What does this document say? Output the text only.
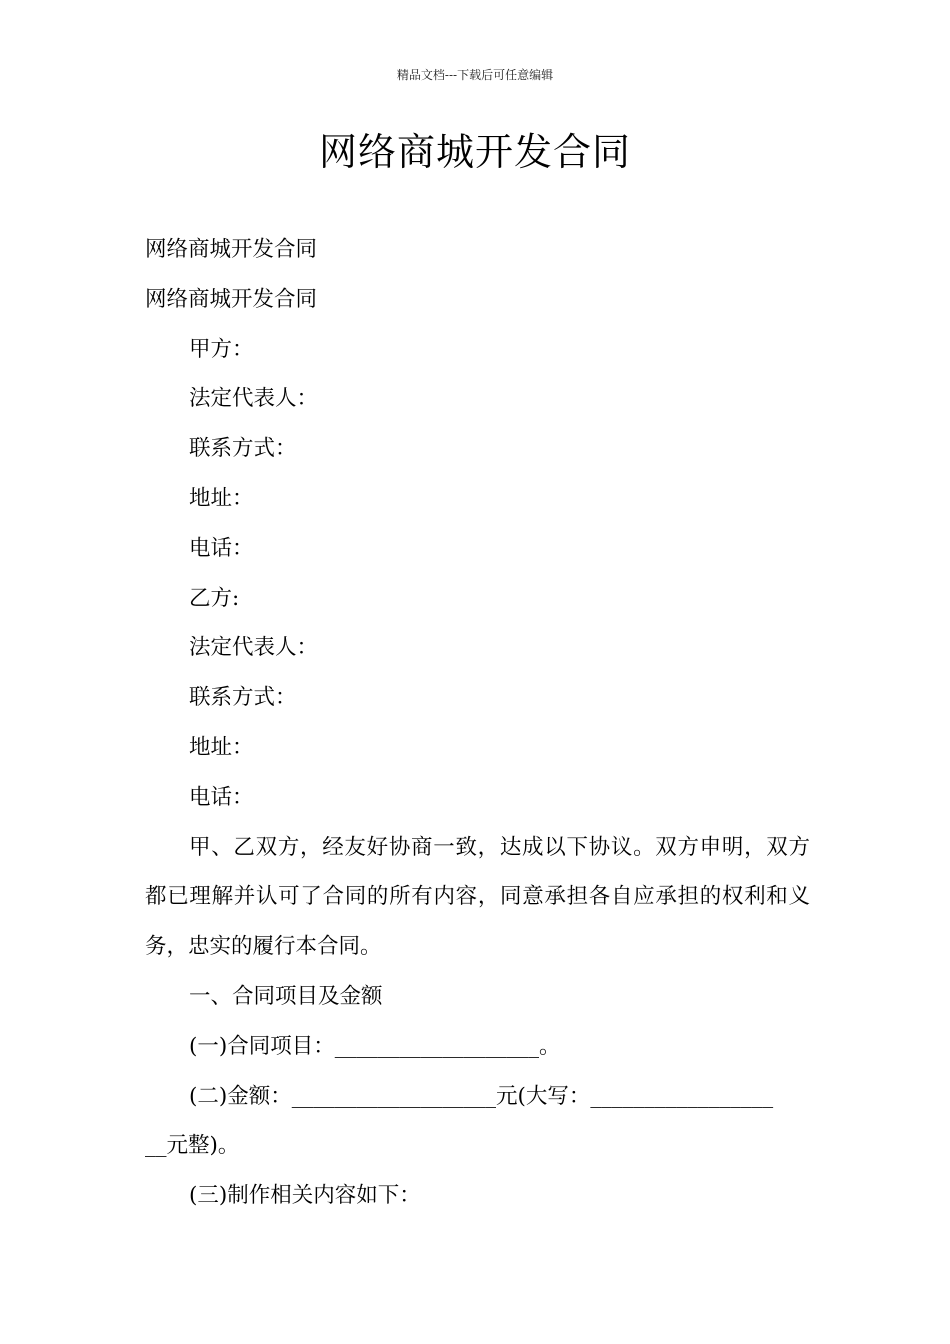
精品文档---下载后可任意编辑
网络商城开发合同
网络商城开发合同
网络商城开发合同
甲方：
法定代表人：
联系方式：
地址：
电话：
乙方:
法定代表人：
联系方式：
地址：
电话：
甲、乙双方，经友好协商一致，达成以下协议。双方申明，双方都已理解并认可了合同的所有内容，同意承担各自应承担的权利和义务，忠实的履行本合同。
一、合同项目及金额
(一)合同项目：___________________。
(二)金额：___________________元(大写：_________________
__元整)。
(三)制作相关内容如下：
